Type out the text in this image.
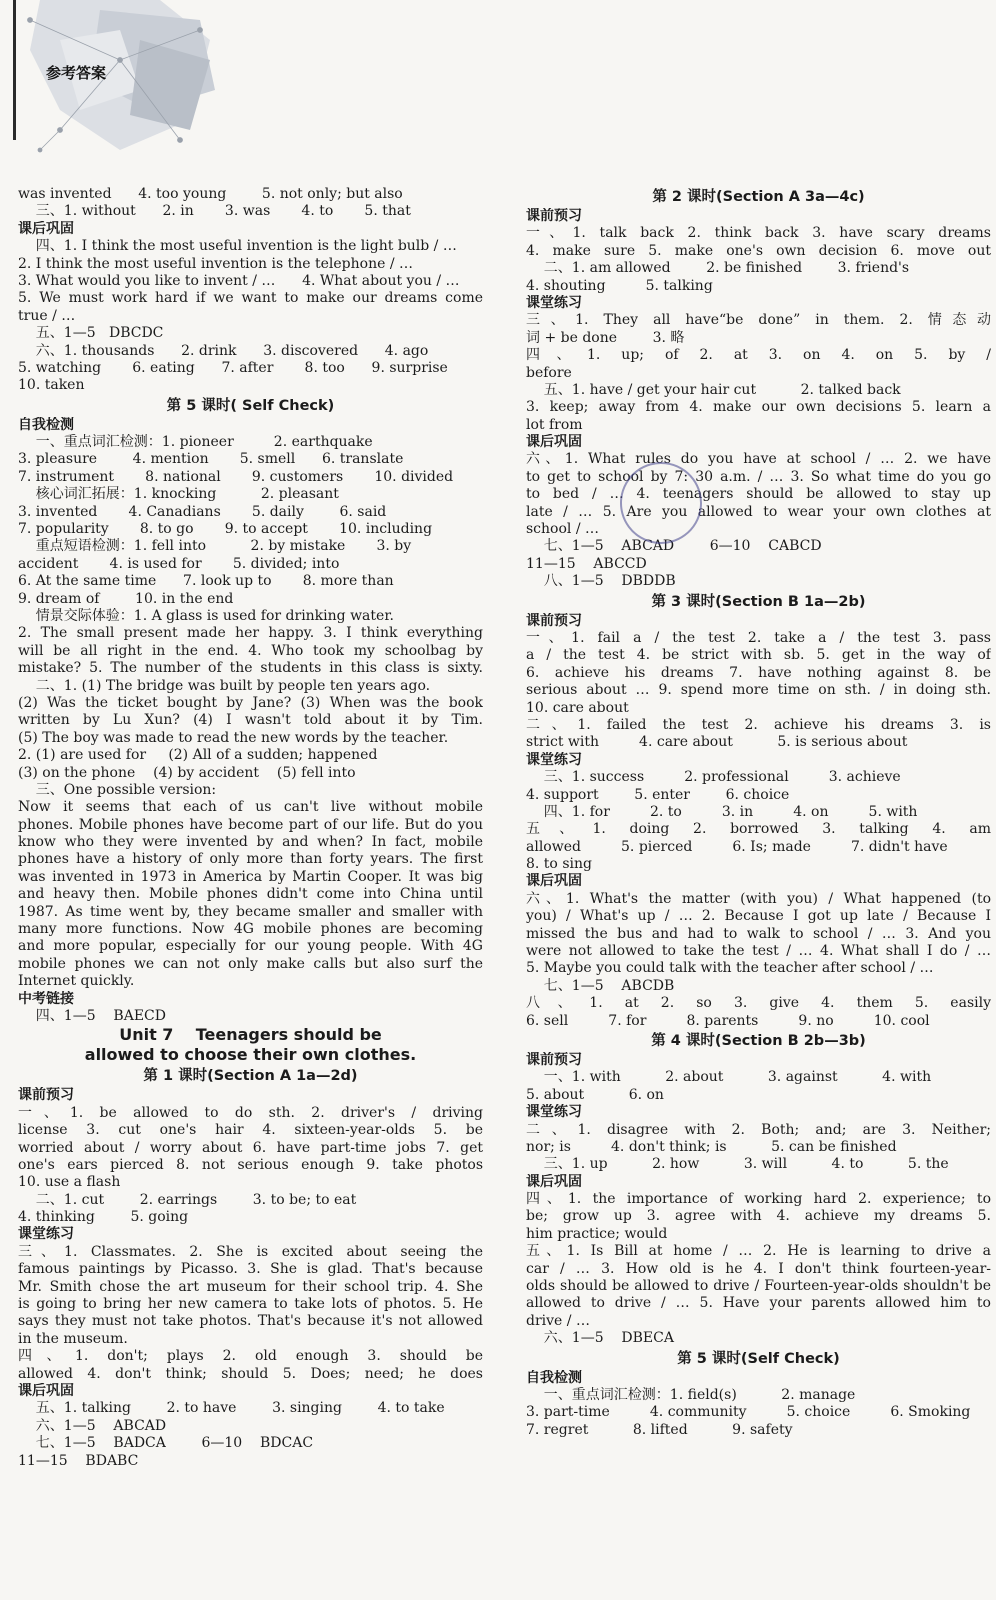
参考答案
was invented      4. too young        5. not only; but also
三、1. without      2. in       3. was       4. to       5. that
课后巩固
四、1. I think the most useful invention is the light bulb / …
2. I think the most useful invention is the telephone / …
3. What would you like to invent / …      4. What about you / …
5. We must work hard if we want to make our dreams come
true / …
五、1—5   DBCDC
六、1. thousands      2. drink      3. discovered      4. ago
5. watching       6. eating      7. after       8. too      9. surprise
10. taken
第 5 课时( Self Check)
自我检测
一、重点词汇检测：1. pioneer         2. earthquake
3. pleasure        4. mention       5. smell      6. translate
7. instrument       8. national       9. customers       10. divided
核心词汇拓展：1. knocking          2. pleasant
3. invented       4. Canadians       5. daily        6. said
7. popularity       8. to go       9. to accept       10. including
重点短语检测：1. fell into          2. by mistake       3. by
accident       4. is used for       5. divided; into
6. At the same time      7. look up to       8. more than
9. dream of        10. in the end
情景交际体验：1. A glass is used for drinking water.
2. The small present made her happy. 3. I think everything
will be all right in the end. 4. Who took my schoolbag by
mistake? 5. The number of the students in this class is sixty.
二、1. (1) The bridge was built by people ten years ago.
(2) Was the ticket bought by Jane? (3) When was the book
written by Lu Xun? (4) I wasn't told about it by Tim.
(5) The boy was made to read the new words by the teacher.
2. (1) are used for     (2) All of a sudden; happened
(3) on the phone    (4) by accident    (5) fell into
三、One possible version:
Now it seems that each of us can't live without mobile
phones. Mobile phones have become part of our life. But do you
know who they were invented by and when? In fact, mobile
phones have a history of only more than forty years. The first
was invented in 1973 in America by Martin Cooper. It was big
and heavy then. Mobile phones didn't come into China until
1987. As time went by, they became smaller and smaller with
many more functions. Now 4G mobile phones are becoming
and more popular, especially for our young people. With 4G
mobile phones we can not only make calls but also surf the
Internet quickly.
中考链接
四、1—5    BAECD
Unit 7    Teenagers should be
allowed to choose their own clothes.
第 1 课时(Section A 1a—2d)
课前预习
一、1. be allowed to do sth. 2. driver's / driving
license 3. cut one's hair 4. sixteen-year-olds 5. be
worried about / worry about 6. have part-time jobs 7. get
one's ears pierced 8. not serious enough 9. take photos
10. use a flash
二、1. cut        2. earrings        3. to be; to eat
4. thinking        5. going
课堂练习
三、1. Classmates. 2. She is excited about seeing the
famous paintings by Picasso. 3. She is glad. That's because
Mr. Smith chose the art museum for their school trip. 4. She
is going to bring her new camera to take lots of photos. 5. He
says they must not take photos. That's because it's not allowed
in the museum.
四、1. don't; plays 2. old enough 3. should be
allowed 4. don't think; should 5. Does; need; he does
课后巩固
五、1. talking        2. to have        3. singing        4. to take
六、1—5    ABCAD
七、1—5    BADCA        6—10    BDCAC
11—15    BDABC
第 2 课时(Section A 3a—4c)
课前预习
一、1. talk back 2. think back 3. have scary dreams
4. make sure 5. make one's own decision 6. move out
二、1. am allowed        2. be finished        3. friend's
4. shouting         5. talking
课堂练习
三、1. They all have“be done” in them. 2. 情态动
词 + be done        3. 略
四、1. up; of 2. at 3. on 4. on 5. by /
before
五、1. have / get your hair cut          2. talked back
3. keep; away from 4. make our own decisions 5. learn a
lot from
课后巩固
六、1. What rules do you have at school / … 2. we have
to get to school by 7: 30 a.m. / … 3. So what time do you go
to bed / … 4. teenagers should be allowed to stay up
late / … 5. Are you allowed to wear your own clothes at
school / …
七、1—5    ABCAD        6—10    CABCD
11—15    ABCCD
八、1—5    DBDDB
第 3 课时(Section B 1a—2b)
课前预习
一、1. fail a / the test 2. take a / the test 3. pass
a / the test 4. be strict with sb. 5. get in the way of
6. achieve his dreams 7. have nothing against 8. be
serious about … 9. spend more time on sth. / in doing sth.
10. care about
二、1. failed the test 2. achieve his dreams 3. is
strict with         4. care about          5. is serious about
课堂练习
三、1. success         2. professional         3. achieve
4. support        5. enter        6. choice
四、1. for         2. to         3. in         4. on         5. with
五、1. doing 2. borrowed 3. talking 4. am
allowed         5. pierced         6. Is; made         7. didn't have
8. to sing
课后巩固
六、1. What's the matter (with you) / What happened (to
you) / What's up / … 2. Because I got up late / Because I
missed the bus and had to walk to school / … 3. And you
were not allowed to take the test / … 4. What shall I do / …
5. Maybe you could talk with the teacher after school / …
七、1—5    ABCDB
八、1. at 2. so 3. give 4. them 5. easily
6. sell         7. for         8. parents         9. no         10. cool
第 4 课时(Section B 2b—3b)
课前预习
一、1. with          2. about          3. against          4. with
5. about          6. on
课堂练习
二、1. disagree with 2. Both; and; are 3. Neither;
nor; is         4. don't think; is          5. can be finished
三、1. up          2. how          3. will          4. to          5. the
课后巩固
四、1. the importance of working hard 2. experience; to
be; grow up 3. agree with 4. achieve my dreams 5.
him practice; would
五、1. Is Bill at home / … 2. He is learning to drive a
car / … 3. How old is he 4. I don't think fourteen-year-
olds should be allowed to drive / Fourteen-year-olds shouldn't be
allowed to drive / … 5. Have your parents allowed him to
drive / …
六、1—5    DBECA
第 5 课时(Self Check)
自我检测
一、重点词汇检测：1. field(s)          2. manage
3. part-time         4. community         5. choice         6. Smoking
7. regret          8. lifted          9. safety
